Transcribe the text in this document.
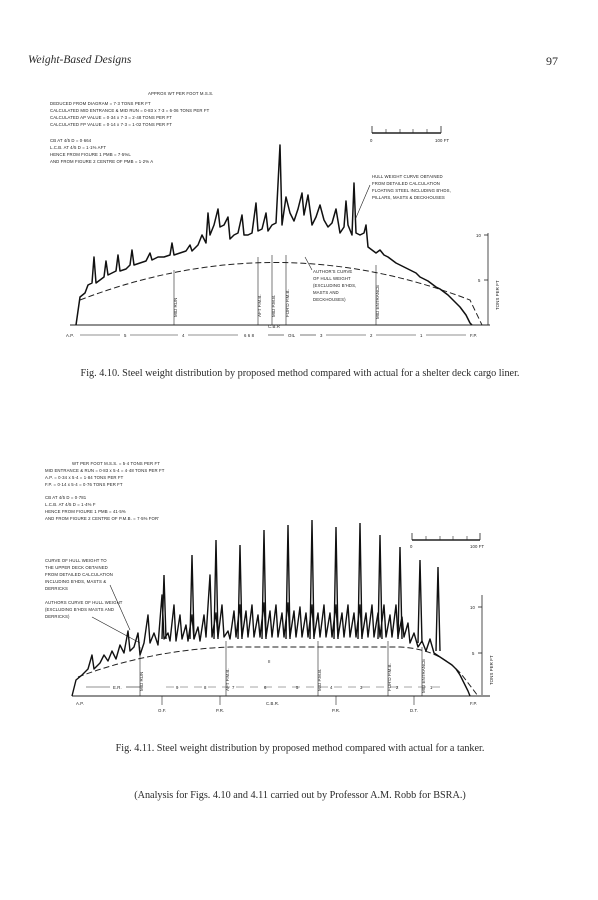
Weight-Based Designs	97
APPROX WT PER FOOT M.S.S.
DEDUCED FROM DIAGRAM = 7·3 TONS PER FT
CALCULATED MID ENTRANCE & MID RUN = 0·83 x 7·3 = 6·06 TONS PER FT
CALCULATED AP VALUE = 0·34 x 7·3 = 2·48 TONS PER FT
CALCULATED FP VALUE = 0·14 x 7·3 = 1·02 TONS PER FT
CB AT 4/5 D = 0·664
L.C.B. AT 4/5 D = 1·1% AFT
HENCE FROM FIGURE 1 PMB = 7·5%L
AND FROM FIGURE 2 CENTRE OF PMB = 1·2% A
0	100 FT
HULL WEIGHT CURVE OBTAINED
FROM DETAILED CALCULATION
FLOATING STEEL INCLUDING B'HDS,
PILLARS, MASTS & DECKHOUSES
AUTHOR'S CURVE
OF HULL WEIGHT
(EXCLUDING B'HDS,
MASTS AND
DECKHOUSES)
10
5	TONS PER FT
MID RUN	AFT P.M.B. MID P.M.B. FOR'D P.M.B.	MID ENTRANCE
A.P.	5	4	6 6 8	OIL	3	2	1	F.P.
C.B.R
Fig. 4.10. Steel weight distribution by proposed method compared with actual for a shelter deck cargo liner.
WT PER FOOT M.S.S. = 5·4 TONS PER FT
MID ENTRANCE & RUN = 0·83 x 5·4 = 4·48 TONS PER FT
A.P. = 0·34 x 5·4 = 1·84 TONS PER FT
F.P. = 0·14 x 5·4 = 0·76 TONS PER FT
CB AT 4/5 D = 0·781
L.C.B. AT 4/5 D = 1·4% F
HENCE FROM FIGURE 1 PMB = 41·5%
AND FROM FIGURE 2 CENTRE OF P.M.B. = 7·5% FOR'
0	100 FT
CURVE OF HULL WEIGHT TO
THE UPPER DECK OBTAINED
FROM DETAILED CALCULATION
INCLUDING B'HDS, MASTS &
DERRICKS
AUTHORS CURVE OF HULL WEIGHT
(EXCLUDING B'HDS MASTS AND
DERRICKS)
10
5
TONS PER FT
MID RUN	AFT P.M.B.	MID P.M.B.	FOR'D P.M.B.	MID ENTRANCE
II
E.R.	9	8	7	6	5	4	3	2	1
A.P.
O.F.	P.R.
C.B.R.
P.R.	D.T.
F.P.
Fig. 4.11. Steel weight distribution by proposed method compared with actual for a tanker.
(Analysis for Figs. 4.10 and 4.11 carried out by Professor A.M. Robb for BSRA.)
